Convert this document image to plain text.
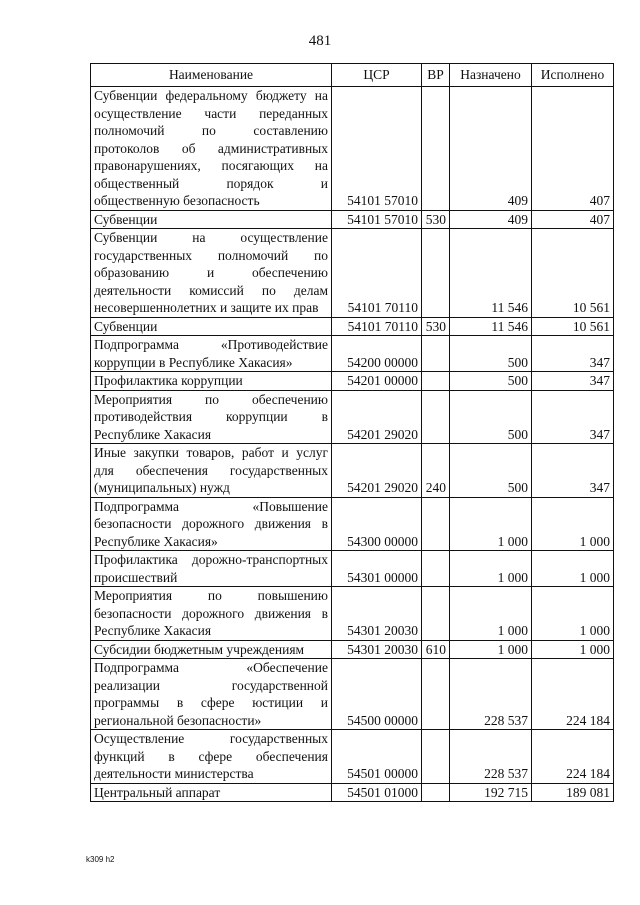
481
Наименование	ЦСР	ВР	Назначено	Исполнено
Субвенции федеральному бюджету на осуществление части переданных полномочий по составлению протоколов об административных правонарушениях, посягающих на общественный порядок и общественную безопасность	54101 57010		409	407
Субвенции	54101 57010	530	409	407
Субвенции на осуществление государственных полномочий по образованию и обеспечению деятельности комиссий по делам несовершеннолетних и защите их прав	54101 70110		11 546	10 561
Субвенции	54101 70110	530	11 546	10 561
Подпрограмма «Противодействие коррупции в Республике Хакасия»	54200 00000		500	347
Профилактика коррупции	54201 00000		500	347
Мероприятия по обеспечению противодействия коррупции в Республике Хакасия	54201 29020		500	347
Иные закупки товаров, работ и услуг для обеспечения государственных (муниципальных) нужд	54201 29020	240	500	347
Подпрограмма «Повышение безопасности дорожного движения в Республике Хакасия»	54300 00000		1 000	1 000
Профилактика дорожно-транспортных происшествий	54301 00000		1 000	1 000
Мероприятия по повышению безопасности дорожного движения в Республике Хакасия	54301 20030		1 000	1 000
Субсидии бюджетным учреждениям	54301 20030	610	1 000	1 000
Подпрограмма «Обеспечение реализации государственной программы в сфере юстиции и региональной безопасности»	54500 00000		228 537	224 184
Осуществление государственных функций в сфере обеспечения деятельности министерства	54501 00000		228 537	224 184
Центральный аппарат	54501 01000		192 715	189 081
k309 h2
